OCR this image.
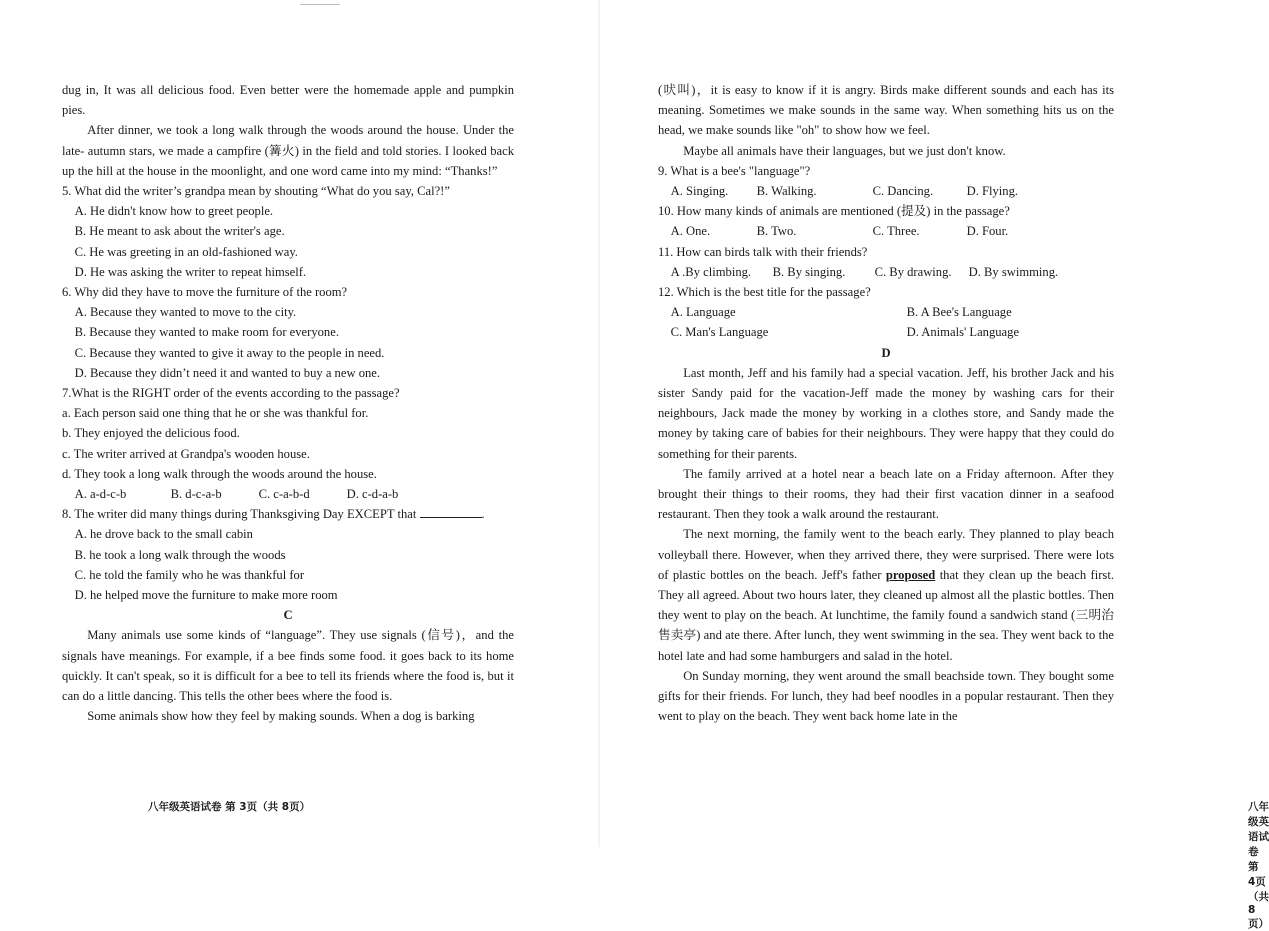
dug in, It was all delicious food. Even better were the homemade apple and pumpkin pies.

After dinner, we took a long walk through the woods around the house. Under the late- autumn stars, we made a campfire (篝火) in the field and told stories. I looked back up the hill at the house in the moonlight, and one word came into my mind: “Thanks!”

5. What did the writer’s grandpa mean by shouting “What do you say, Cal?!”

A. He didn't know how to greet people.

B. He meant to ask about the writer's age.

C. He was greeting in an old-fashioned way.

D. He was asking the writer to repeat himself.

6. Why did they have to move the furniture of the room?

A. Because they wanted to move to the city.

B. Because they wanted to make room for everyone.

C. Because they wanted to give it away to the people in need.

D. Because they didn’t need it and wanted to buy a new one.

7.What is the RIGHT order of the events according to the passage?

a. Each person said one thing that he or she was thankful for.

b. They enjoyed the delicious food.

c. The writer arrived at Grandpa's wooden house.

d. They took a long walk through the woods around the house.

A. a-d-c-b	B. d-c-a-b	C. c-a-b-d	D. c-d-a-b

8. The writer did many things during Thanksgiving Day EXCEPT that	.

A. he drove back to the small cabin

B. he took a long walk through the woods

C. he told the family who he was thankful for

D. he helped move the furniture to make more room

C

Many animals use some kinds of “language”. They use signals (信号)，and the signals have meanings. For example, if a bee finds some food. it goes back to its home quickly. It can't speak, so it is difficult for a bee to tell its friends where the food is, but it can do a little dancing. This tells the other bees where the food is.

Some animals show how they feel by making sounds. When a dog is barking

八年级英语试卷 第 3页（共 8页）

(吠叫)，it is easy to know if it is angry. Birds make different sounds and each has its meaning. Sometimes we make sounds in the same way. When something hits us on the head, we make sounds like "oh" to show how we feel.

Maybe all animals have their languages, but we just don't know.

9. What is a bee's "language"?

A. Singing.	B. Walking.	C. Dancing.	D. Flying.

10. How many kinds of animals are mentioned (提及) in the passage?

A. One.	B. Two.	C. Three.	D. Four.

11. How can birds talk with their friends?

A .By climbing.	B. By singing.	C. By drawing.	D. By swimming.

12. Which is the best title for the passage?

A. Language	B. A Bee's Language
C. Man's Language	D. Animals' Language

D

Last month, Jeff and his family had a special vacation. Jeff, his brother Jack and his sister Sandy paid for the vacation-Jeff made the money by washing cars for their neighbours, Jack made the money by working in a clothes store, and Sandy made the money by taking care of babies for their neighbours. They were happy that they could do something for their parents.

The family arrived at a hotel near a beach late on a Friday afternoon. After they brought their things to their rooms, they had their first vacation dinner in a seafood restaurant. Then they took a walk around the restaurant.

The next morning, the family went to the beach early. They planned to play beach volleyball there. However, when they arrived there, they were surprised. There were lots of plastic bottles on the beach. Jeff's father proposed that they clean up the beach first. They all agreed. About two hours later, they cleaned up almost all the plastic bottles. Then they went to play on the beach. At lunchtime, the family found a sandwich stand (三明治售卖亭) and ate there. After lunch, they went swimming in the sea. They went back to the hotel late and had some hamburgers and salad in the hotel.

On Sunday morning, they went around the small beachside town. They bought some gifts for their friends. For lunch, they had beef noodles in a popular restaurant. Then they went to play on the beach. They went back home late in the

八年级英语试卷 第 4页（共 8页）
